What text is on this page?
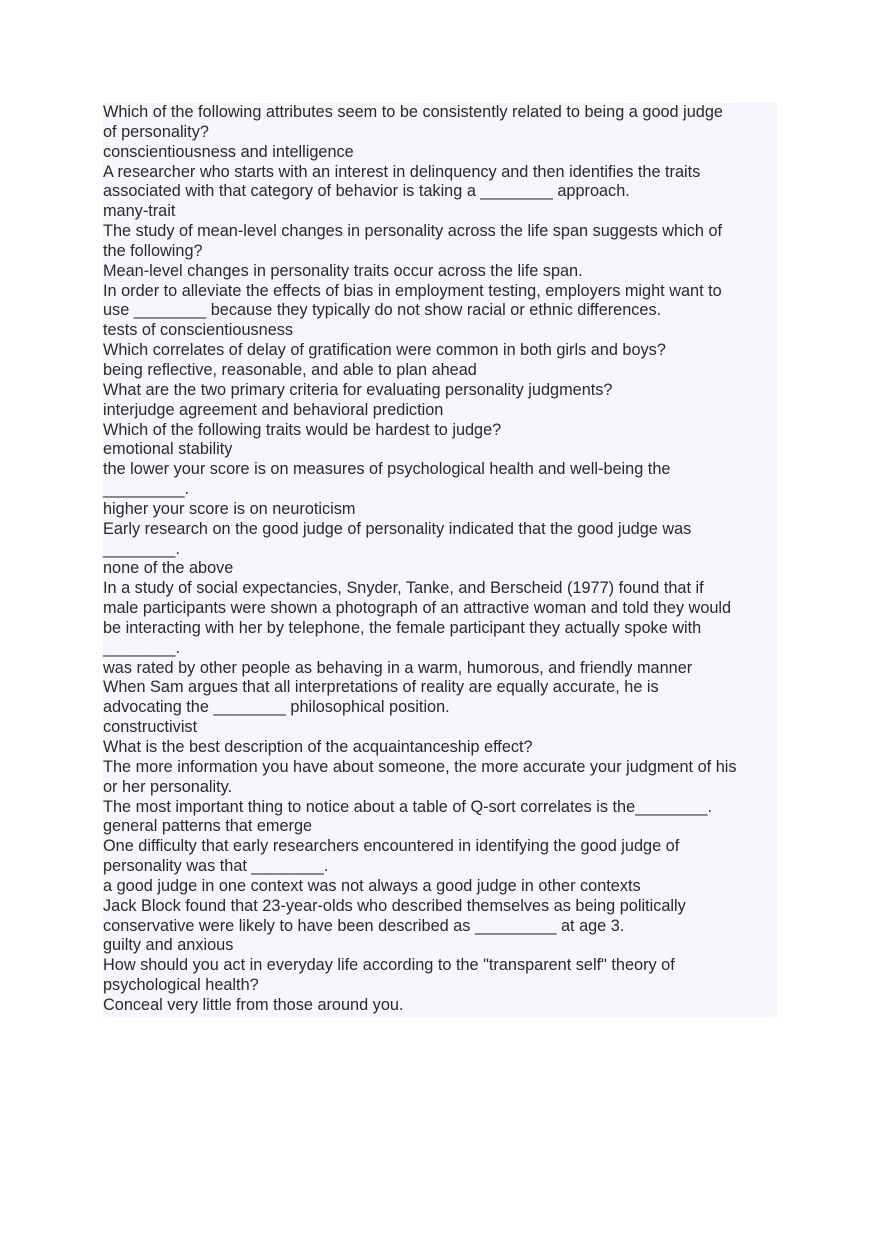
Which of the following attributes seem to be consistently related to being a good judge

of personality?

conscientiousness and intelligence

A researcher who starts with an interest in delinquency and then identifies the traits

associated with that category of behavior is taking a ________ approach.

many-trait

The study of mean-level changes in personality across the life span suggests which of

the following?

Mean-level changes in personality traits occur across the life span.

In order to alleviate the effects of bias in employment testing, employers might want to

use ________ because they typically do not show racial or ethnic differences.

tests of conscientiousness

Which correlates of delay of gratification were common in both girls and boys?

being reflective, reasonable, and able to plan ahead

What are the two primary criteria for evaluating personality judgments?

interjudge agreement and behavioral prediction

Which of the following traits would be hardest to judge?

emotional stability

the lower your score is on measures of psychological health and well-being the

_________.

higher your score is on neuroticism

Early research on the good judge of personality indicated that the good judge was

________.

none of the above

In a study of social expectancies, Snyder, Tanke, and Berscheid (1977) found that if

male participants were shown a photograph of an attractive woman and told they would

be interacting with her by telephone, the female participant they actually spoke with

________.

was rated by other people as behaving in a warm, humorous, and friendly manner

When Sam argues that all interpretations of reality are equally accurate, he is

advocating the ________ philosophical position.

constructivist

What is the best description of the acquaintanceship effect?

The more information you have about someone, the more accurate your judgment of his

or her personality.

The most important thing to notice about a table of Q-sort correlates is the________.

general patterns that emerge

One difficulty that early researchers encountered in identifying the good judge of

personality was that ________.

a good judge in one context was not always a good judge in other contexts

Jack Block found that 23-year-olds who described themselves as being politically

conservative were likely to have been described as _________ at age 3.

guilty and anxious

How should you act in everyday life according to the "transparent self" theory of

psychological health?

Conceal very little from those around you.
